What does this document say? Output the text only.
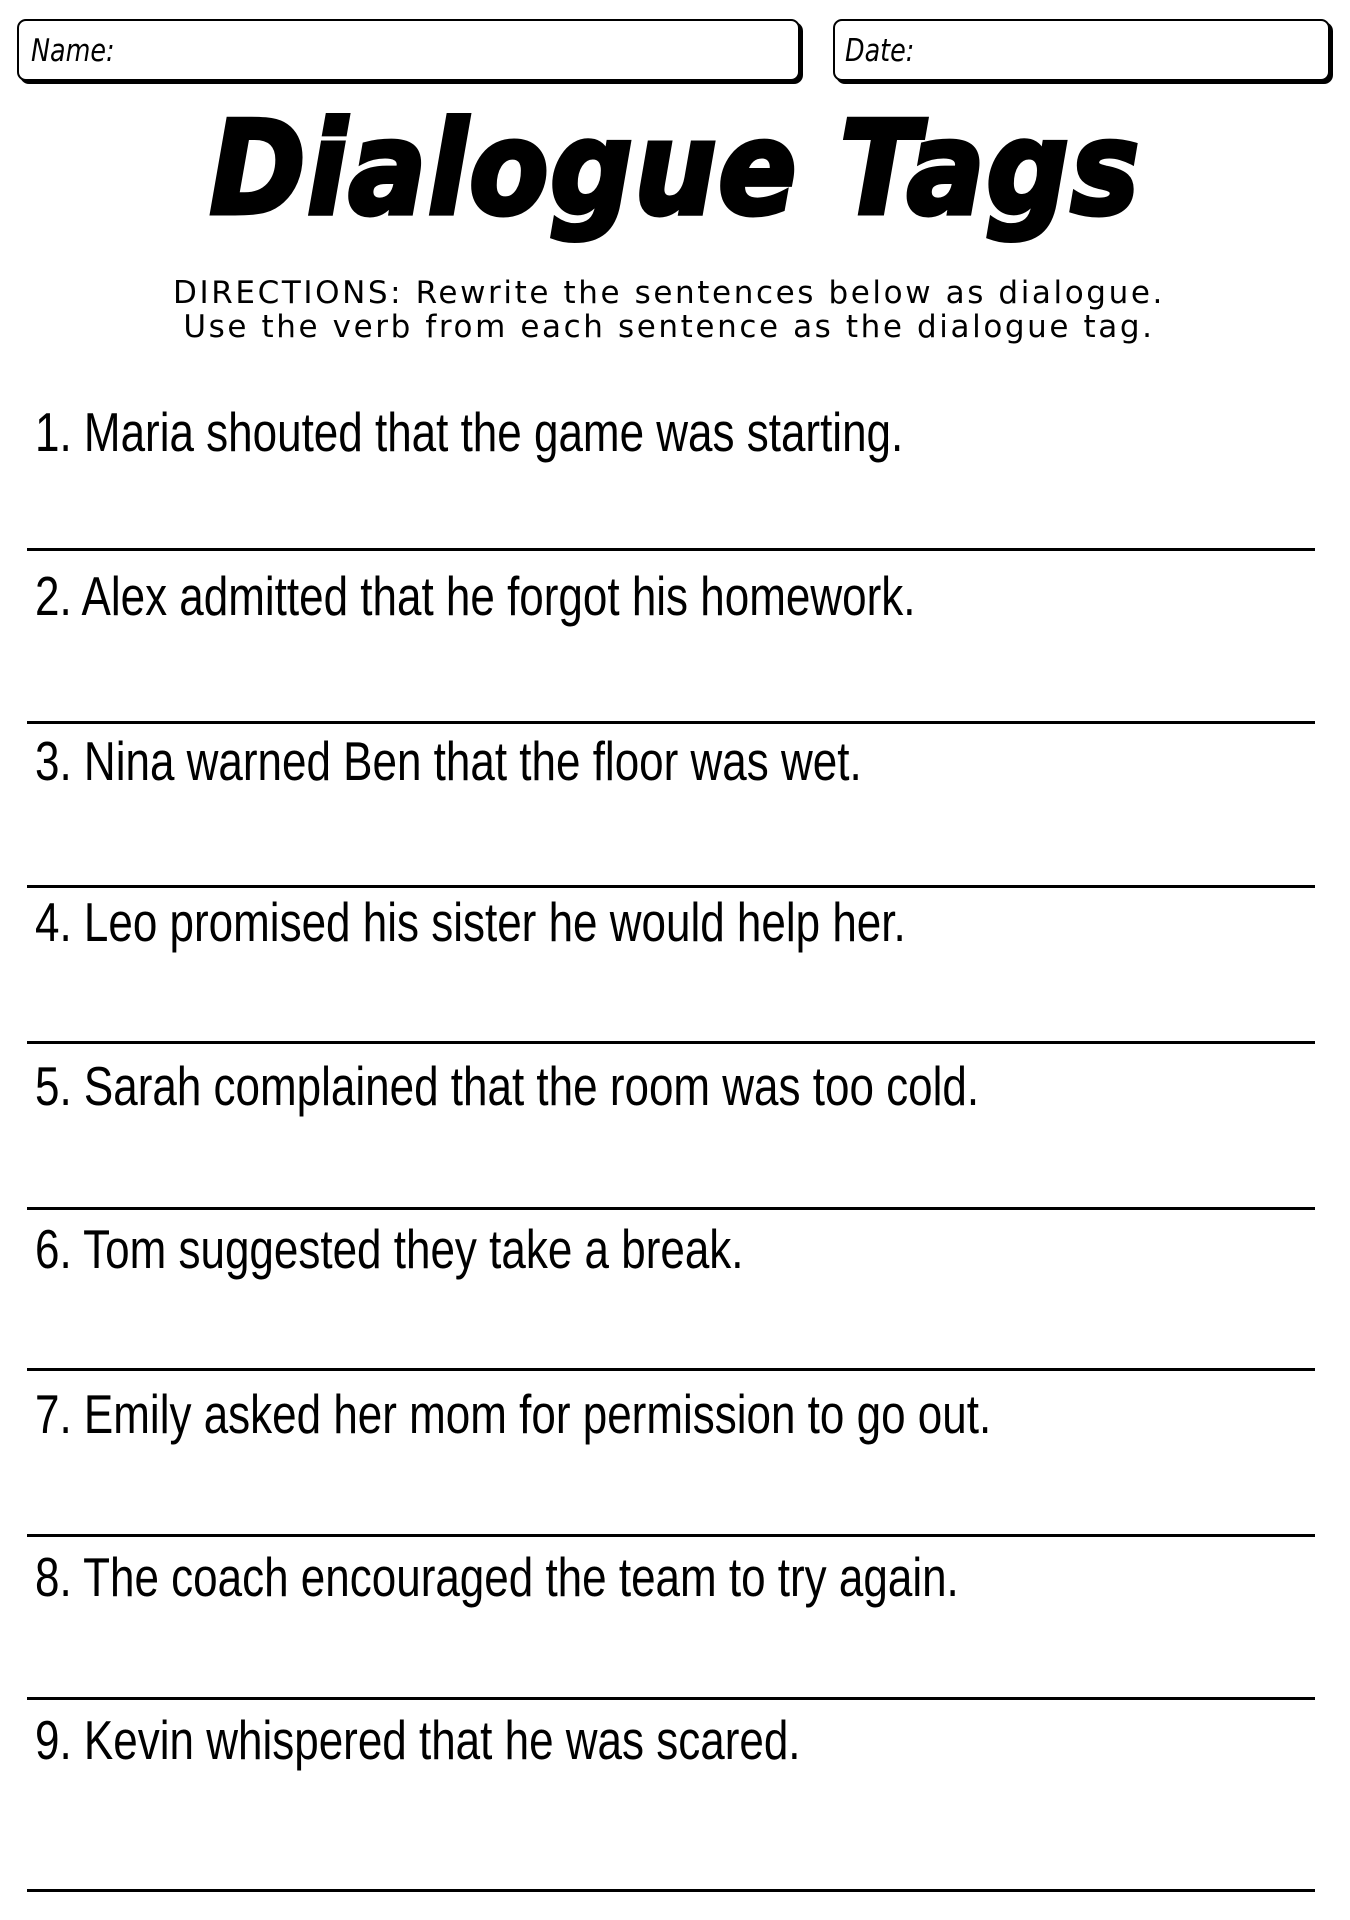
Name:	Date:
Dialogue Tags
DIRECTIONS: Rewrite the sentences below as dialogue.
Use the verb from each sentence as the dialogue tag.
1. Maria shouted that the game was starting.
2. Alex admitted that he forgot his homework.
3. Nina warned Ben that the floor was wet.
4. Leo promised his sister he would help her.
5. Sarah complained that the room was too cold.
6. Tom suggested they take a break.
7. Emily asked her mom for permission to go out.
8. The coach encouraged the team to try again.
9. Kevin whispered that he was scared.
